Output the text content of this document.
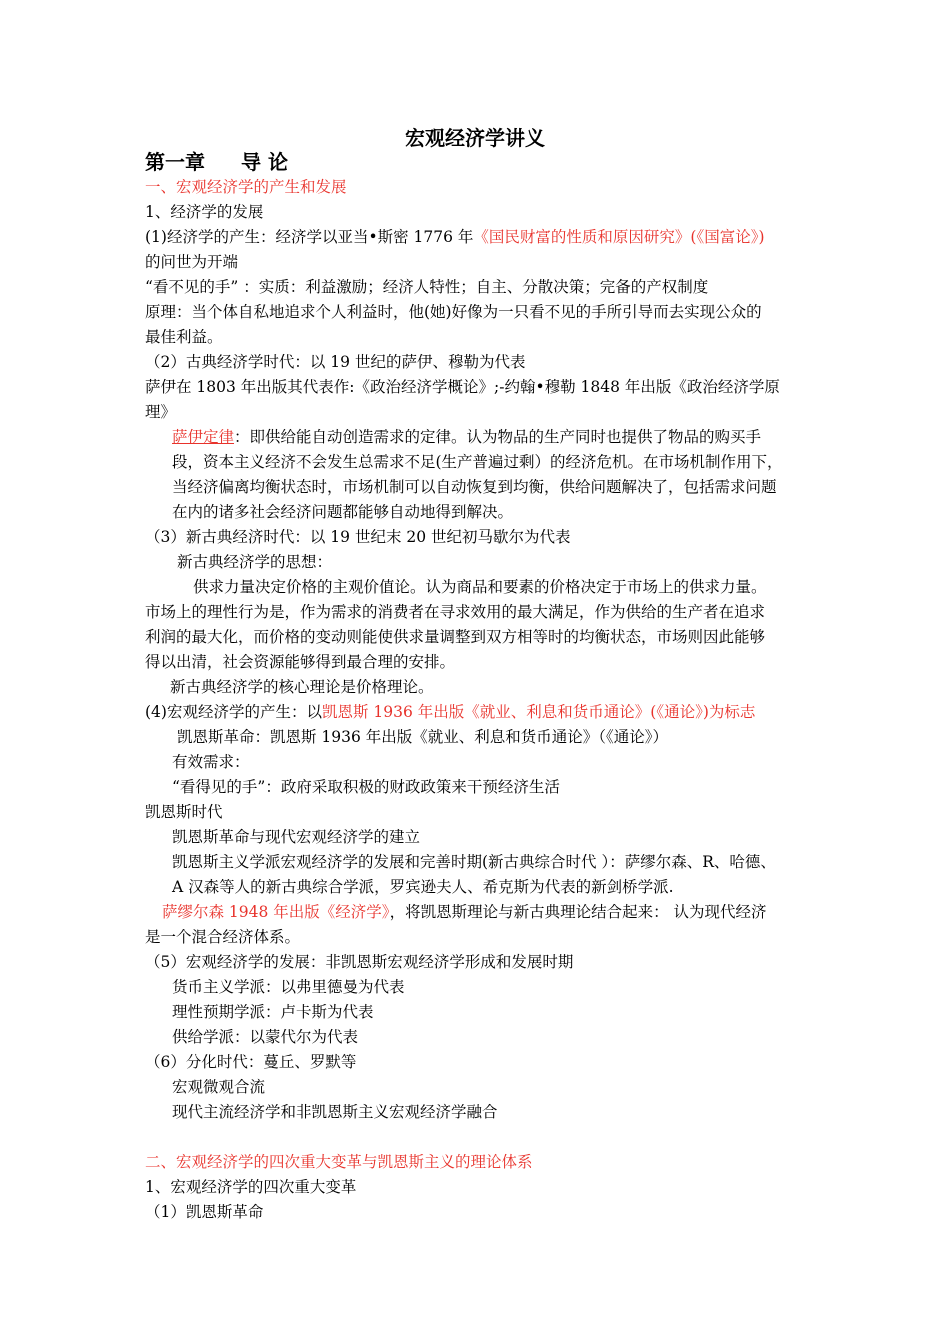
宏观经济学讲义
第一章 导 论
一、宏观经济学的产生和发展
1、经济学的发展
(1)经济学的产生：经济学以亚当•斯密 1776 年《国民财富的性质和原因研究》(《国富论》)
的问世为开端
“看不见的手” ：实质：利益激励；经济人特性；自主、分散决策；完备的产权制度
原理：当个体自私地追求个人利益时，他(她)好像为一只看不见的手所引导而去实现公众的
最佳利益。
（2）古典经济学时代：以 19 世纪的萨伊、穆勒为代表
萨伊在 1803 年出版其代表作:《政治经济学概论》;-约翰•穆勒 1848 年出版《政治经济学原
理》
萨伊定律：即供给能自动创造需求的定律。认为物品的生产同时也提供了物品的购买手
段，资本主义经济不会发生总需求不足(生产普遍过剩）的经济危机。在市场机制作用下，
当经济偏离均衡状态时，市场机制可以自动恢复到均衡，供给问题解决了，包括需求问题
在内的诸多社会经济问题都能够自动地得到解决。
（3）新古典经济时代：以 19 世纪末 20 世纪初马歇尔为代表
新古典经济学的思想：
供求力量决定价格的主观价值论。认为商品和要素的价格决定于市场上的供求力量。
市场上的理性行为是，作为需求的消费者在寻求效用的最大满足，作为供给的生产者在追求
利润的最大化，而价格的变动则能使供求量调整到双方相等时的均衡状态，市场则因此能够
得以出清，社会资源能够得到最合理的安排。
新古典经济学的核心理论是价格理论。
(4)宏观经济学的产生：以凯恩斯 1936 年出版《就业、利息和货币通论》(《通论》)为标志
凯恩斯革命：凯恩斯 1936 年出版《就业、利息和货币通论》（《通论》）
有效需求：
“看得见的手”：政府采取积极的财政政策来干预经济生活
凯恩斯时代
凯恩斯革命与现代宏观经济学的建立
凯恩斯主义学派宏观经济学的发展和完善时期(新古典综合时代 ）：萨缪尔森、R、哈德、
A 汉森等人的新古典综合学派，罗宾逊夫人、希克斯为代表的新剑桥学派.
萨缪尔森 1948 年出版《经济学》，将凯恩斯理论与新古典理论结合起来： 认为现代经济
是一个混合经济体系。
（5）宏观经济学的发展：非凯恩斯宏观经济学形成和发展时期
货币主义学派：以弗里德曼为代表
理性预期学派：卢卡斯为代表
供给学派：以蒙代尔为代表
（6）分化时代：蔓丘、罗默等
宏观微观合流
现代主流经济学和非凯恩斯主义宏观经济学融合
二、宏观经济学的四次重大变革与凯恩斯主义的理论体系
1、宏观经济学的四次重大变革
（1）凯恩斯革命
